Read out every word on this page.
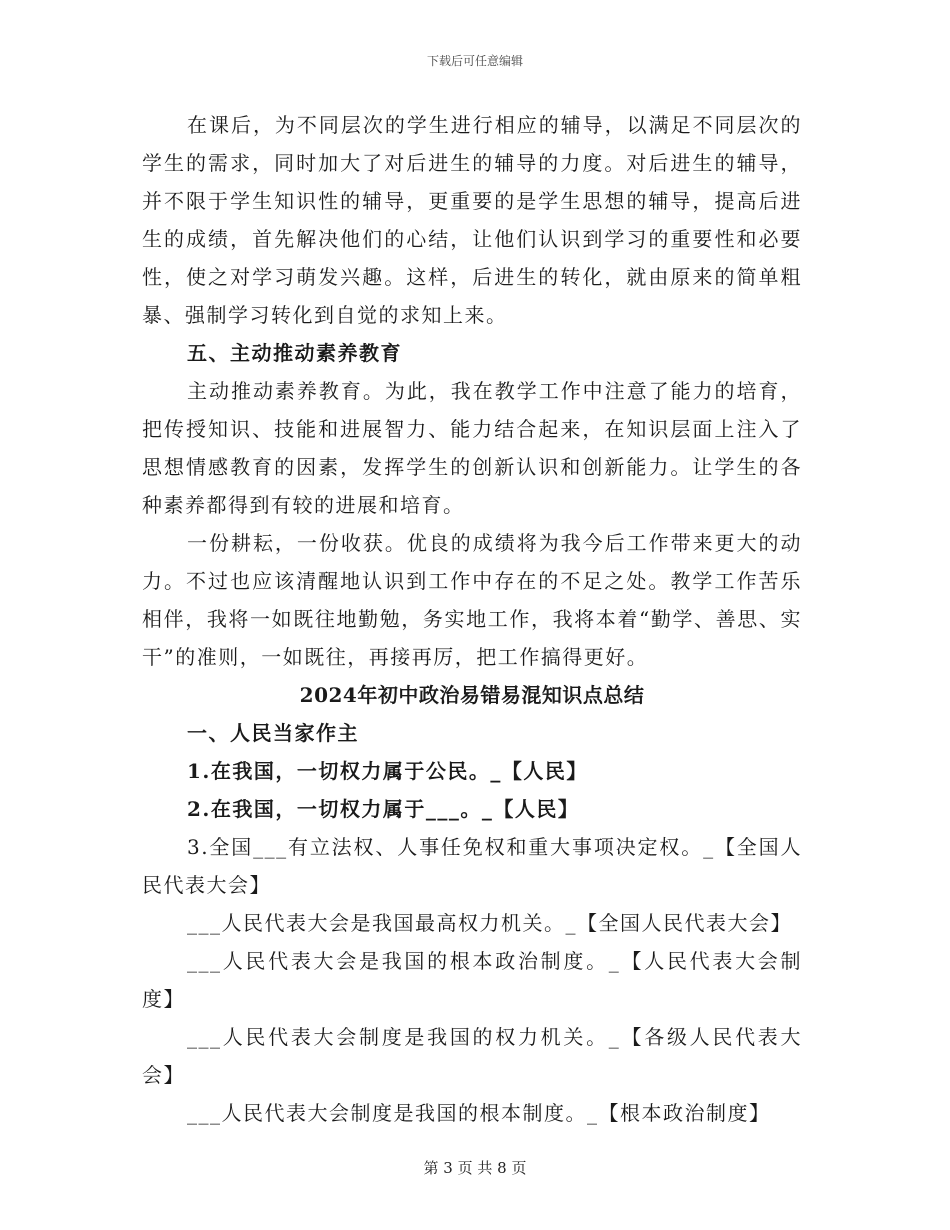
下载后可任意编辑

在课后，为不同层次的学生进行相应的辅导，以满足不同层次的学生的需求，同时加大了对后进生的辅导的力度。对后进生的辅导，并不限于学生知识性的辅导，更重要的是学生思想的辅导，提高后进生的成绩，首先解决他们的心结，让他们认识到学习的重要性和必要性，使之对学习萌发兴趣。这样，后进生的转化，就由原来的简单粗暴、强制学习转化到自觉的求知上来。

五、主动推动素养教育

主动推动素养教育。为此，我在教学工作中注意了能力的培育，把传授知识、技能和进展智力、能力结合起来，在知识层面上注入了思想情感教育的因素，发挥学生的创新认识和创新能力。让学生的各种素养都得到有较的进展和培育。

一份耕耘，一份收获。优良的成绩将为我今后工作带来更大的动力。不过也应该清醒地认识到工作中存在的不足之处。教学工作苦乐相伴，我将一如既往地勤勉，务实地工作，我将本着“勤学、善思、实干”的准则，一如既往，再接再厉，把工作搞得更好。

2024年初中政治易错易混知识点总结

一、人民当家作主

1.在我国，一切权力属于公民。_【人民】

2.在我国，一切权力属于___。_【人民】

3.全国___有立法权、人事任免权和重大事项决定权。_【全国人民代表大会】

___人民代表大会是我国最高权力机关。_【全国人民代表大会】

___人民代表大会是我国的根本政治制度。_【人民代表大会制度】

___人民代表大会制度是我国的权力机关。_【各级人民代表大会】

___人民代表大会制度是我国的根本制度。_【根本政治制度】

第 3 页 共 8 页
